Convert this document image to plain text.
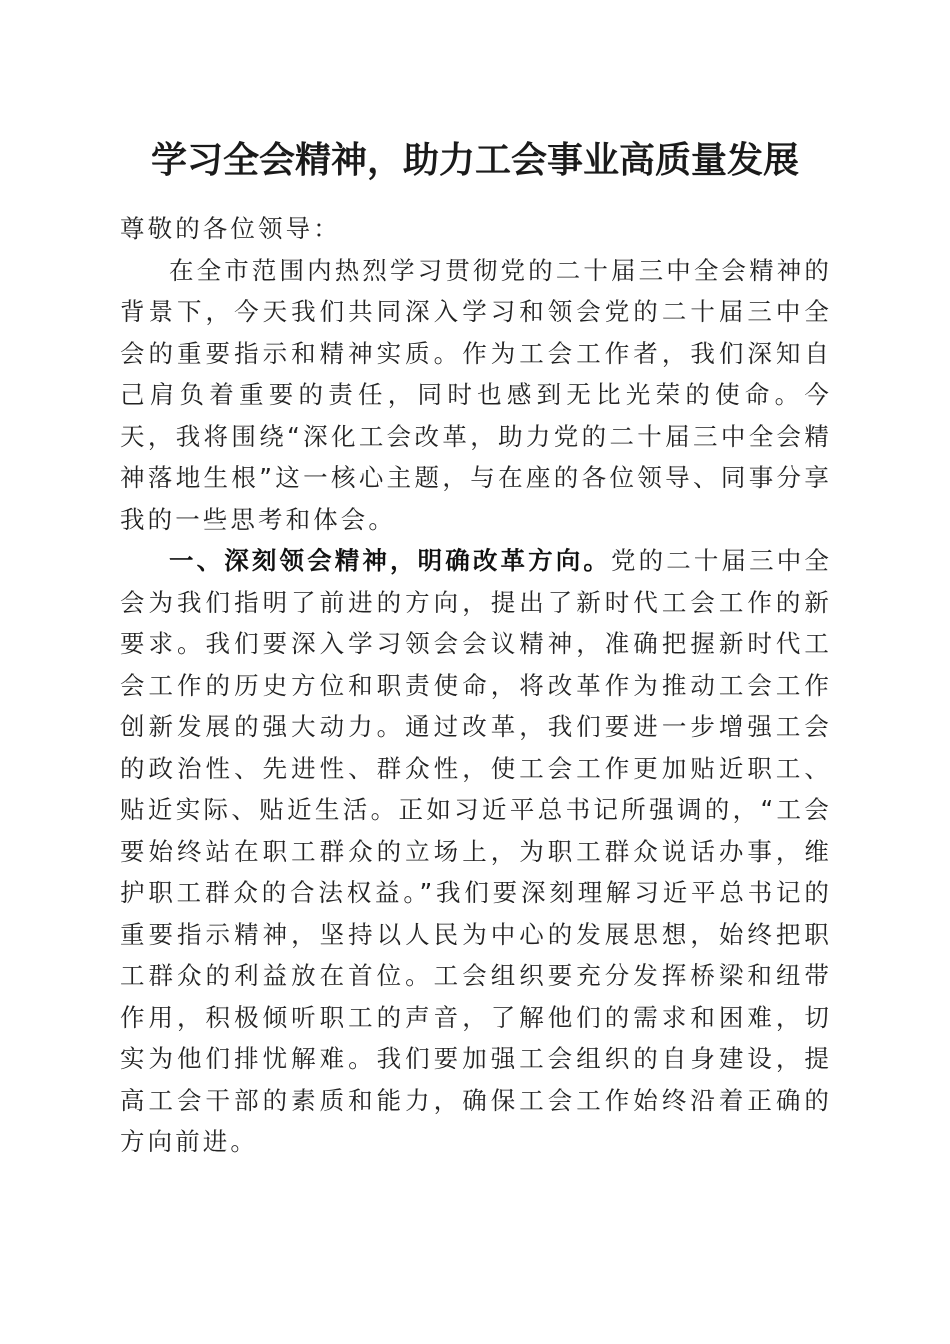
学习全会精神，助力工会事业高质量发展

尊敬的各位领导：

在全市范围内热烈学习贯彻党的二十届三中全会精神的背景下，今天我们共同深入学习和领会党的二十届三中全会的重要指示和精神实质。作为工会工作者，我们深知自己肩负着重要的责任，同时也感到无比光荣的使命。今天，我将围绕“深化工会改革，助力党的二十届三中全会精神落地生根”这一核心主题，与在座的各位领导、同事分享我的一些思考和体会。

一、深刻领会精神，明确改革方向。党的二十届三中全会为我们指明了前进的方向，提出了新时代工会工作的新要求。我们要深入学习领会会议精神，准确把握新时代工会工作的历史方位和职责使命，将改革作为推动工会工作创新发展的强大动力。通过改革，我们要进一步增强工会的政治性、先进性、群众性，使工会工作更加贴近职工、贴近实际、贴近生活。正如习近平总书记所强调的，“工会要始终站在职工群众的立场上，为职工群众说话办事，维护职工群众的合法权益。”我们要深刻理解习近平总书记的重要指示精神，坚持以人民为中心的发展思想，始终把职工群众的利益放在首位。工会组织要充分发挥桥梁和纽带作用，积极倾听职工的声音，了解他们的需求和困难，切实为他们排忧解难。我们要加强工会组织的自身建设，提高工会干部的素质和能力，确保工会工作始终沿着正确的方向前进。
